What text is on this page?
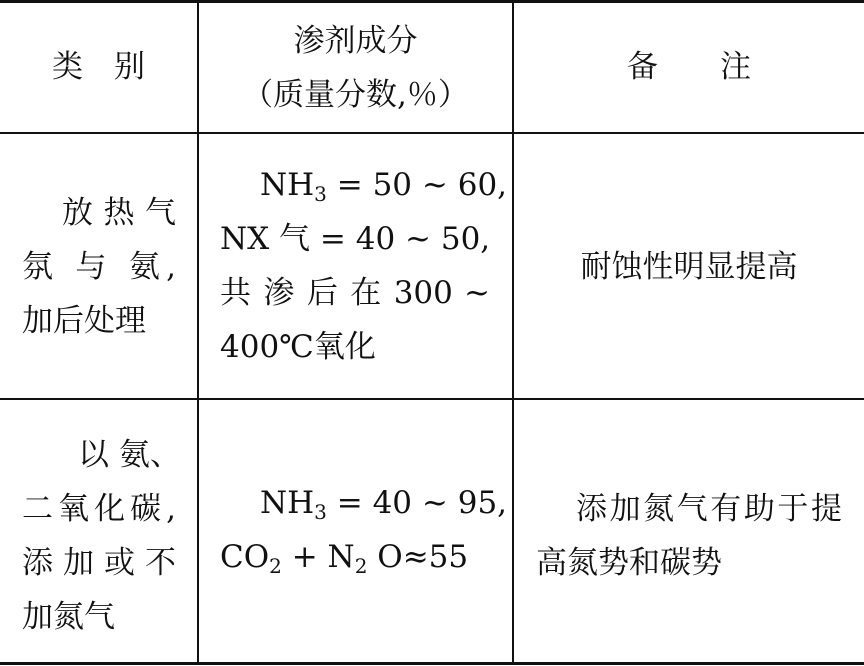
类　别
渗剂成分
（质量分数,％）
备　　注
放热气
氛 与 氨,
加后处理
$NH_3 = 50$ ~ 60,
NX 气 = 40 ~ 50,
共 渗 后 在 300 ~
400℃氧化
耐蚀性明显提高
以 氨、
二氧化碳,
添 加 或 不
加氮气
$NH_3 = 40$ ~ 95,
$CO_2 + N_2$ O≈55
添加氮气有助于提
高氮势和碳势
